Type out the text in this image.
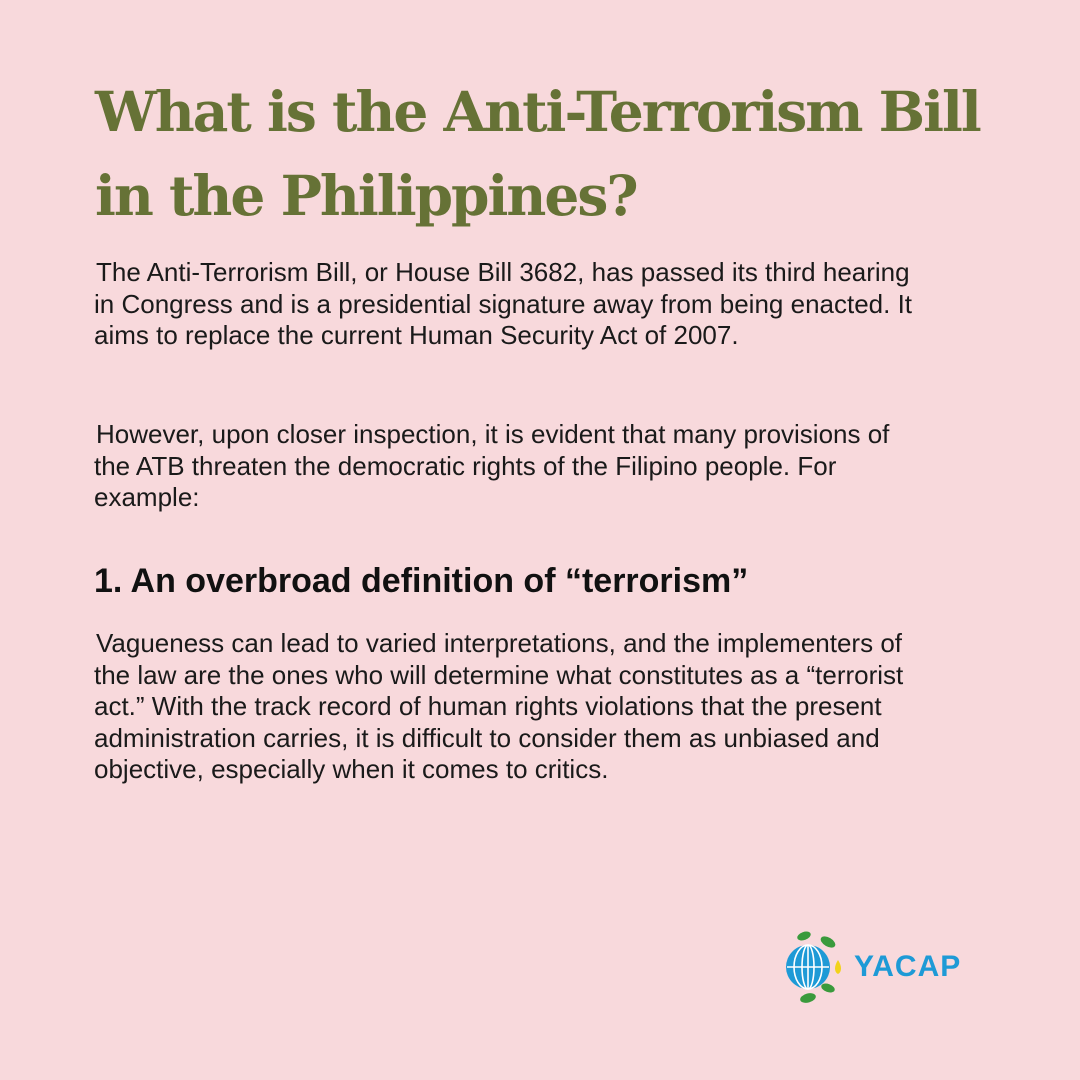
What is the Anti-Terrorism Bill in the Philippines?

The Anti-Terrorism Bill, or House Bill 3682, has passed its third hearing in Congress and is a presidential signature away from being enacted. It aims to replace the current Human Security Act of 2007.

However, upon closer inspection, it is evident that many provisions of the ATB threaten the democratic rights of the Filipino people. For example:

1. An overbroad definition of “terrorism”

Vagueness can lead to varied interpretations, and the implementers of the law are the ones who will determine what constitutes as a “terrorist act.” With the track record of human rights violations that the present administration carries, it is difficult to consider them as unbiased and objective, especially when it comes to critics.

YACAP
